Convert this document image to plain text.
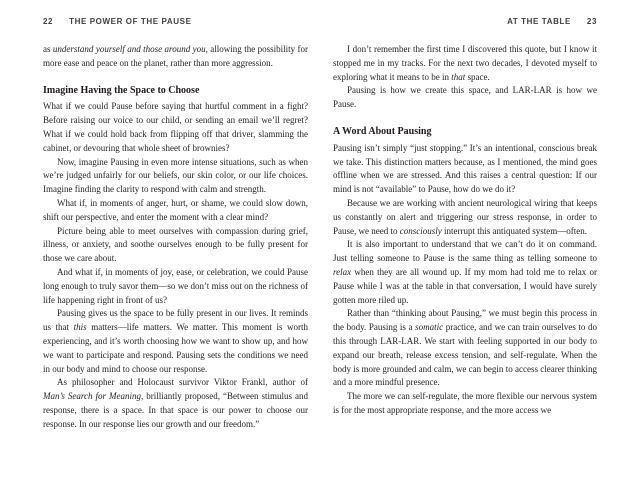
22 THE POWER OF THE PAUSE

as understand yourself and those around you, allowing the possibility for more ease and peace on the planet, rather than more aggression.

Imagine Having the Space to Choose

What if we could Pause before saying that hurtful comment in a fight? Before raising our voice to our child, or sending an email we’ll regret? What if we could hold back from flipping off that driver, slamming the cabinet, or devouring that whole sheet of brownies?

Now, imagine Pausing in even more intense situations, such as when we’re judged unfairly for our beliefs, our skin color, or our life choices. Imagine finding the clarity to respond with calm and strength.

What if, in moments of anger, hurt, or shame, we could slow down, shift our perspective, and enter the moment with a clear mind?

Picture being able to meet ourselves with compassion during grief, illness, or anxiety, and soothe ourselves enough to be fully present for those we care about.

And what if, in moments of joy, ease, or celebration, we could Pause long enough to truly savor them—so we don’t miss out on the richness of life happening right in front of us?

Pausing gives us the space to be fully present in our lives. It reminds us that this matters—life matters. We matter. This moment is worth experiencing, and it’s worth choosing how we want to show up, and how we want to participate and respond. Pausing sets the conditions we need in our body and mind to choose our response.

As philosopher and Holocaust survivor Viktor Frankl, author of Man’s Search for Meaning, brilliantly proposed, “Between stimulus and response, there is a space. In that space is our power to choose our response. In our response lies our growth and our freedom.”

AT THE TABLE 23

I don’t remember the first time I discovered this quote, but I know it stopped me in my tracks. For the next two decades, I devoted myself to exploring what it means to be in that space.

Pausing is how we create this space, and LAR-LAR is how we Pause.

A Word About Pausing

Pausing isn’t simply “just stopping.” It’s an intentional, conscious break we take. This distinction matters because, as I mentioned, the mind goes offline when we are stressed. And this raises a central question: If our mind is not “available” to Pause, how do we do it?

Because we are working with ancient neurological wiring that keeps us constantly on alert and triggering our stress response, in order to Pause, we need to consciously interrupt this antiquated system—often.

It is also important to understand that we can’t do it on command. Just telling someone to Pause is the same thing as telling someone to relax when they are all wound up. If my mom had told me to relax or Pause while I was at the table in that conversation, I would have surely gotten more riled up.

Rather than “thinking about Pausing,” we must begin this process in the body. Pausing is a somatic practice, and we can train ourselves to do this through LAR-LAR. We start with feeling supported in our body to expand our breath, release excess tension, and self-regulate. When the body is more grounded and calm, we can begin to access clearer thinking and a more mindful presence.

The more we can self-regulate, the more flexible our nervous system is for the most appropriate response, and the more access we
